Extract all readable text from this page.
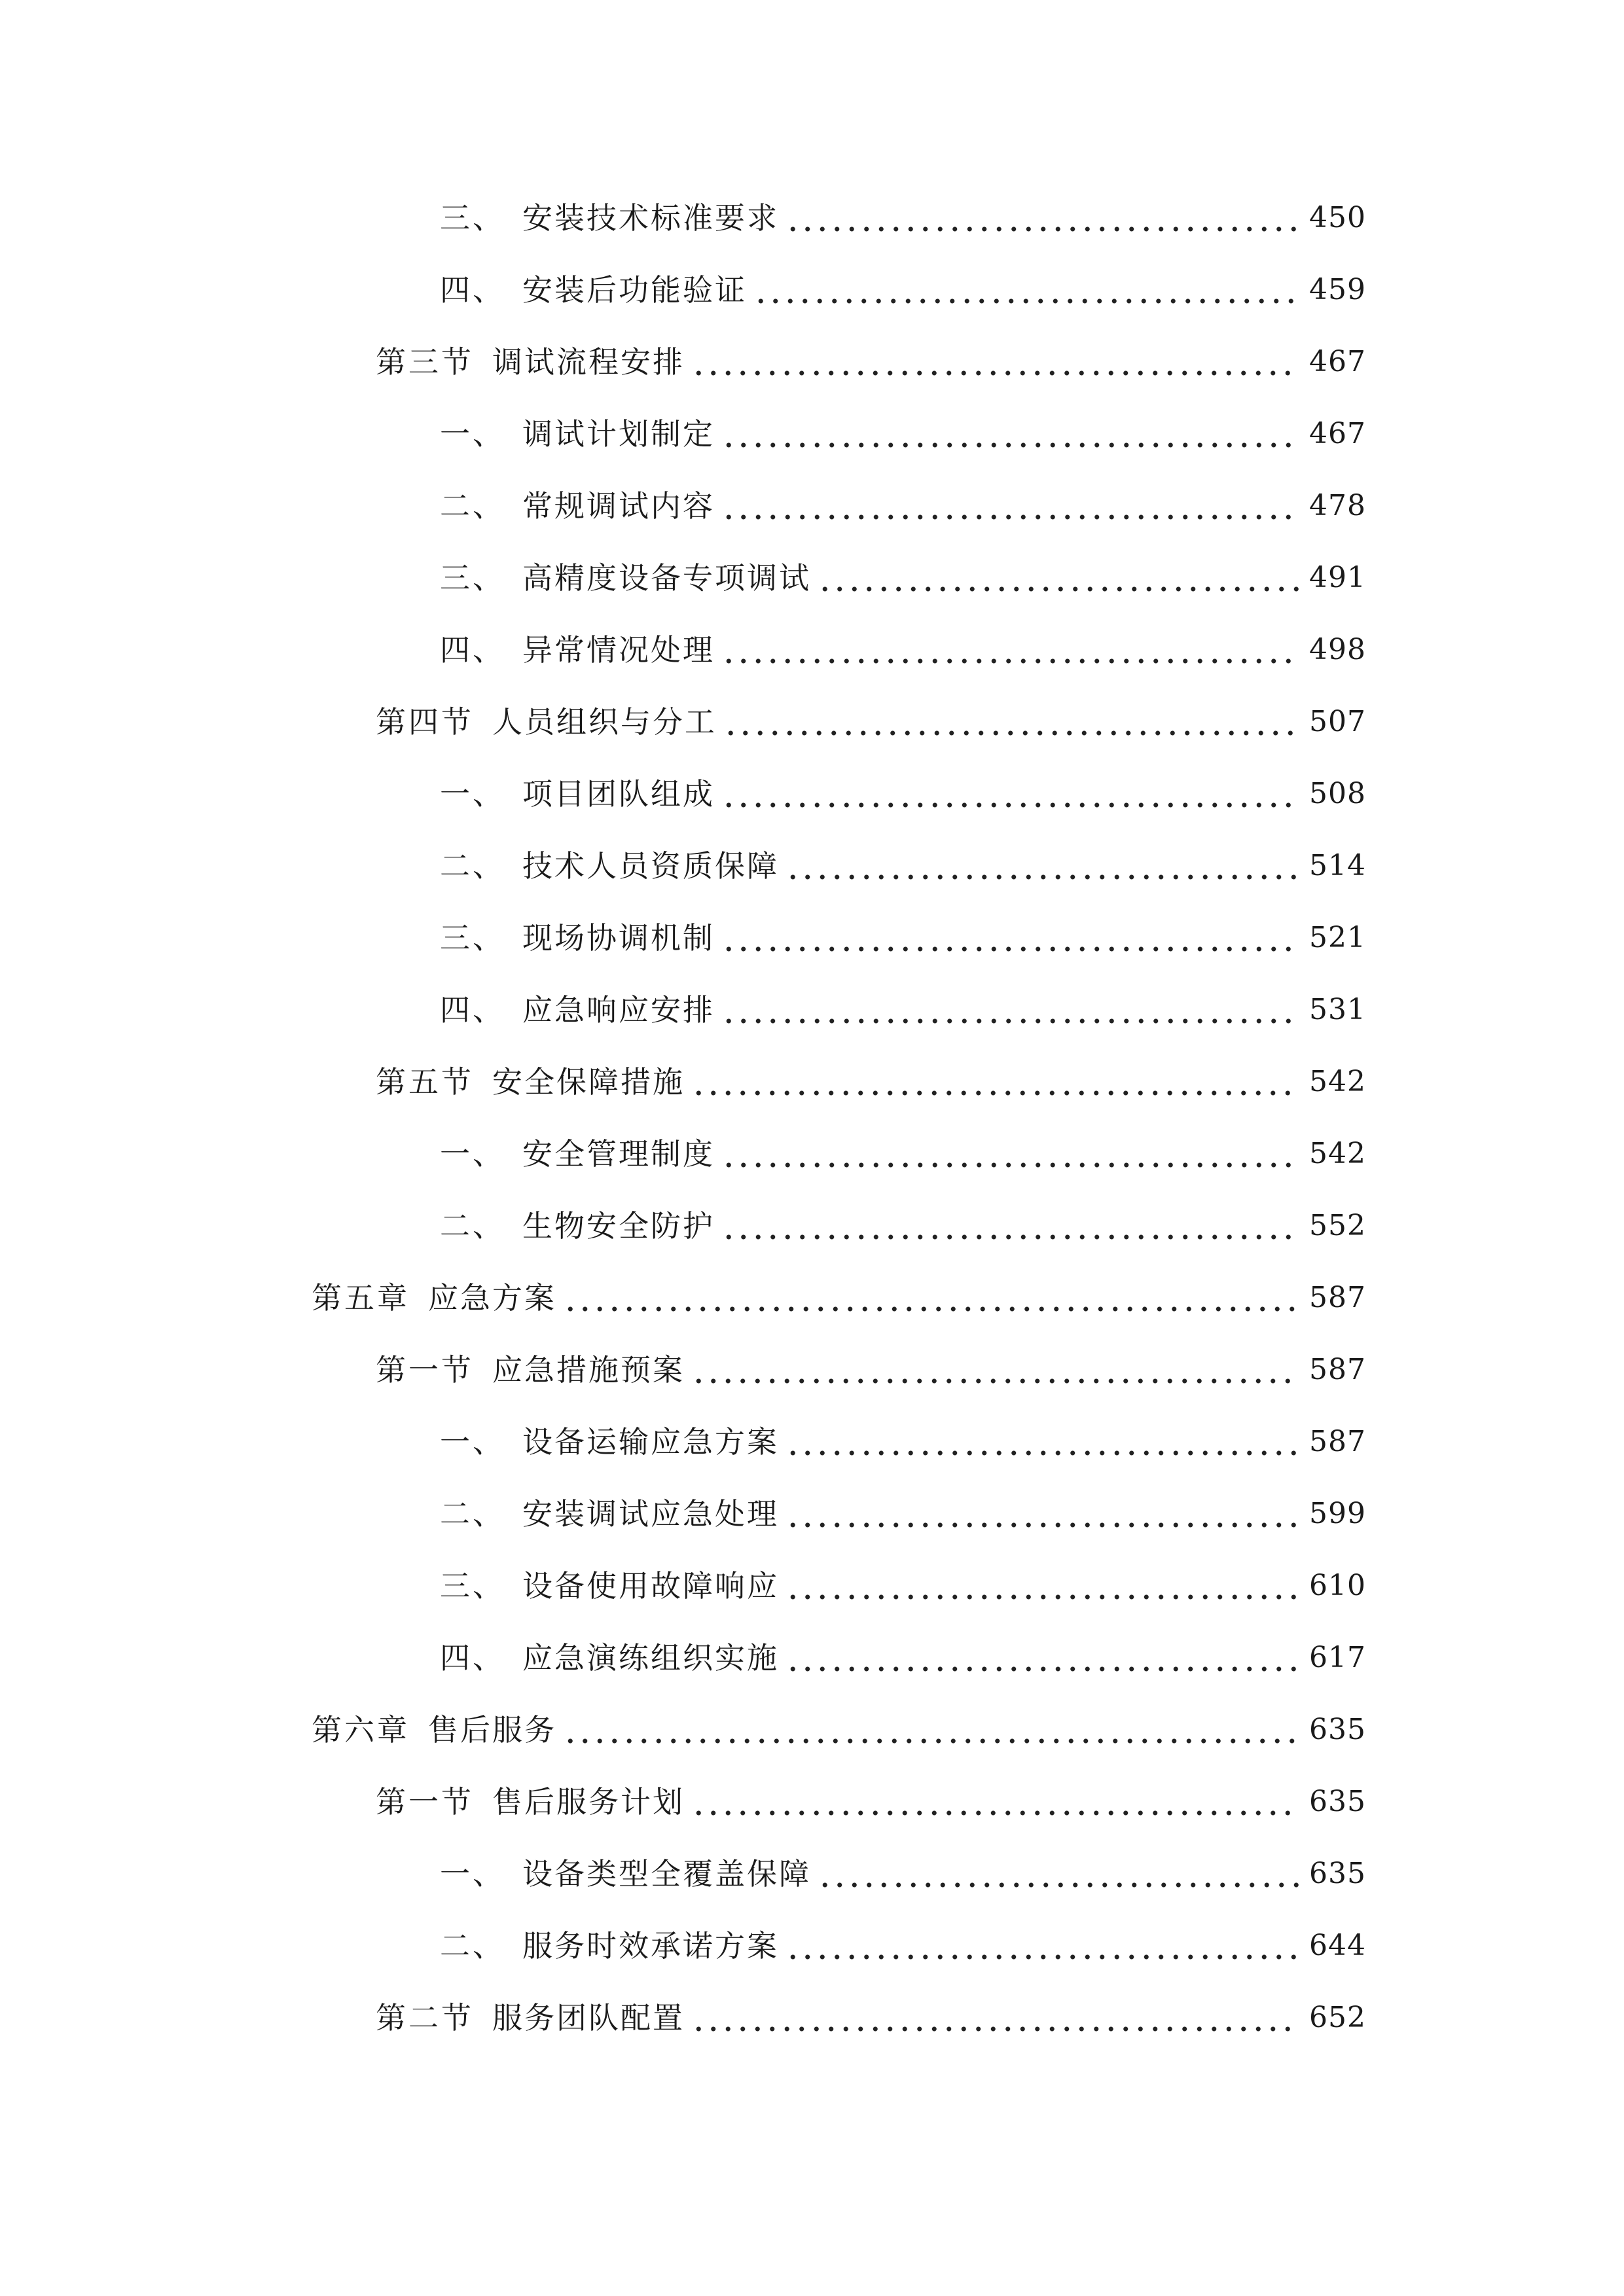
三、 安装技术标准要求	450
四、 安装后功能验证	459
第三节 调试流程安排	467
一、 调试计划制定	467
二、 常规调试内容	478
三、 高精度设备专项调试	491
四、 异常情况处理	498
第四节 人员组织与分工	507
一、 项目团队组成	508
二、 技术人员资质保障	514
三、 现场协调机制	521
四、 应急响应安排	531
第五节 安全保障措施	542
一、 安全管理制度	542
二、 生物安全防护	552
第五章 应急方案	587
第一节 应急措施预案	587
一、 设备运输应急方案	587
二、 安装调试应急处理	599
三、 设备使用故障响应	610
四、 应急演练组织实施	617
第六章 售后服务	635
第一节 售后服务计划	635
一、 设备类型全覆盖保障	635
二、 服务时效承诺方案	644
第二节 服务团队配置	652
